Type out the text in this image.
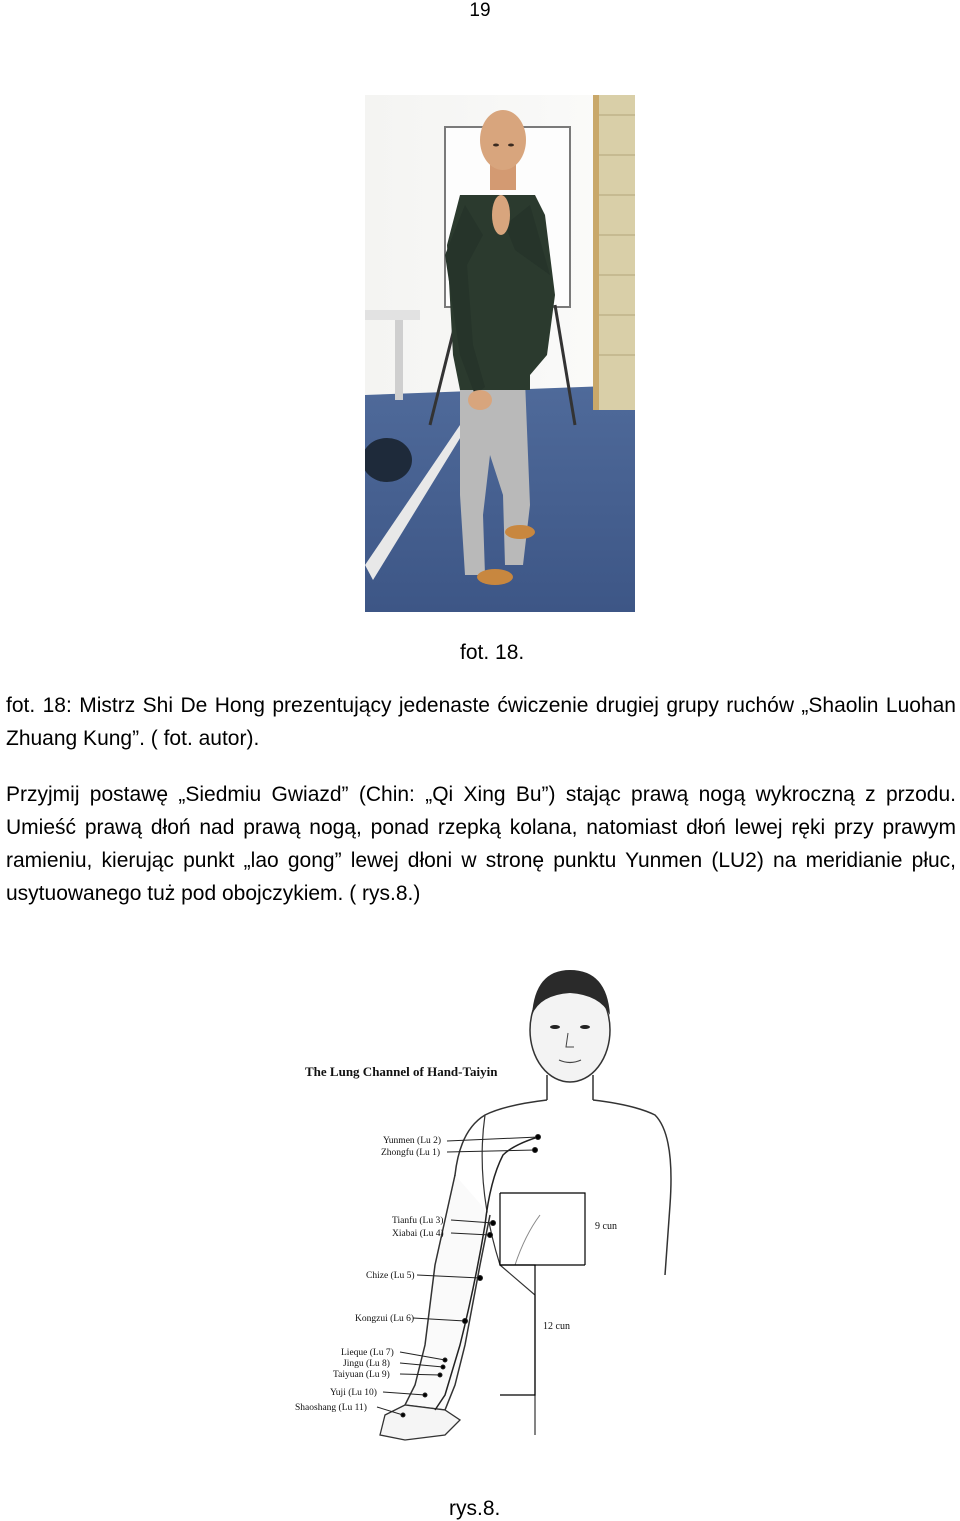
19
fot. 18.

fot. 18: Mistrz Shi De Hong prezentujący jedenaste ćwiczenie drugiej grupy ruchów „Shaolin Luohan Zhuang Kung”. ( fot. autor).

Przyjmij postawę „Siedmiu Gwiazd” (Chin: „Qi Xing Bu”) stając prawą nogą wykroczną z przodu. Umieść prawą dłoń nad prawą nogą, ponad rzepką kolana, natomiast dłoń lewej ręki przy prawym ramieniu, kierując punkt „lao gong” lewej dłoni w stronę punktu Yunmen (LU2) na meridianie płuc, usytuowanego tuż pod obojczykiem. ( rys.8.)

The Lung Channel of Hand-Taiyin
Yunmen (Lu 2)
Zhongfu (Lu 1)
Tianfu (Lu 3)
Xiabai (Lu 4)
Chize (Lu 5)
Kongzui (Lu 6)
Lieque (Lu 7)
Jingu (Lu 8)
Taiyuan (Lu 9)
Yuji (Lu 10)
Shaoshang (Lu 11)
9 cun
12 cun
rys.8.
